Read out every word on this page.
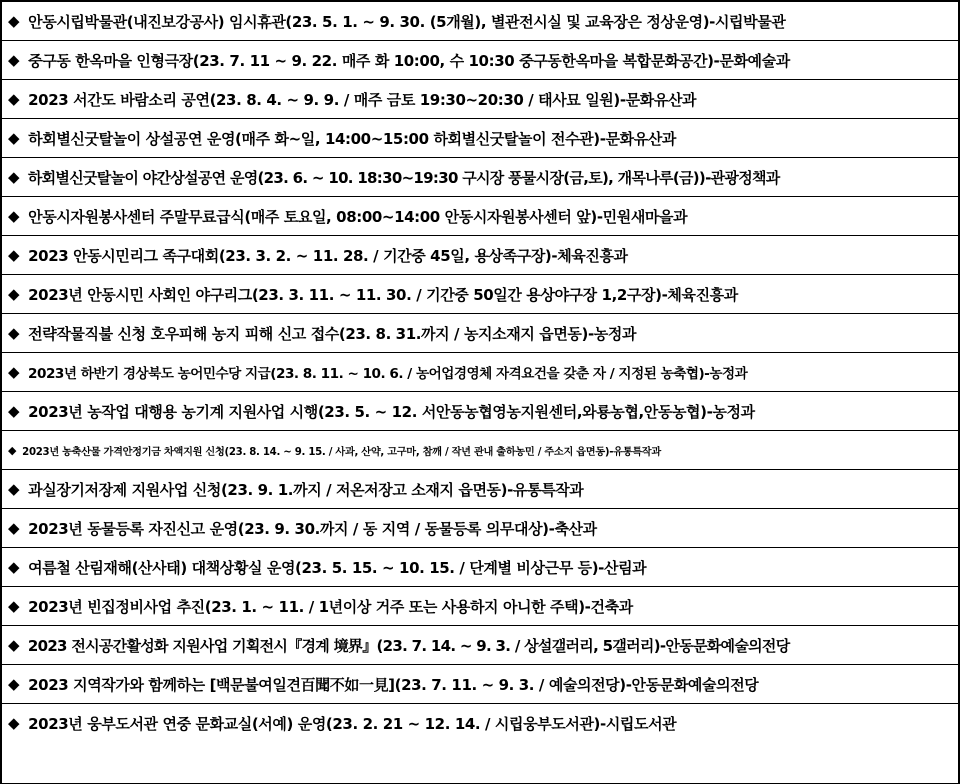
◆ 안동시립박물관(내진보강공사) 임시휴관(23. 5. 1. ~ 9. 30. (5개월), 별관전시실 및 교육장은 정상운영)-시립박물관
◆ 중구동 한옥마을 인형극장(23. 7. 11 ~ 9. 22. 매주 화 10:00, 수 10:30 중구동한옥마을 복합문화공간)-문화예술과
◆ 2023 서간도 바람소리 공연(23. 8. 4. ~ 9. 9. / 매주 금토 19:30~20:30 / 태사묘 일원)-문화유산과
◆ 하회별신굿탈놀이 상설공연 운영(매주 화~일, 14:00~15:00 하회별신굿탈놀이 전수관)-문화유산과
◆ 하회별신굿탈놀이 야간상설공연 운영(23. 6. ~ 10. 18:30~19:30 구시장 풍물시장(금,토), 개목나루(금))-관광정책과
◆ 안동시자원봉사센터 주말무료급식(매주 토요일, 08:00~14:00 안동시자원봉사센터 앞)-민원새마을과
◆ 2023 안동시민리그 족구대회(23. 3. 2. ~ 11. 28. / 기간중 45일, 용상족구장)-체육진흥과
◆ 2023년 안동시민 사회인 야구리그(23. 3. 11. ~ 11. 30. / 기간중 50일간 용상야구장 1,2구장)-체육진흥과
◆ 전략작물직불 신청 호우피해 농지 피해 신고 접수(23. 8. 31.까지 / 농지소재지 읍면동)-농정과
◆ 2023년 하반기 경상북도 농어민수당 지급(23. 8. 11. ~ 10. 6. / 농어업경영체 자격요건을 갖춘 자 / 지정된 농축협)-농정과
◆ 2023년 농작업 대행용 농기계 지원사업 시행(23. 5. ~ 12. 서안동농협영농지원센터,와룡농협,안동농협)-농정과
◆ 2023년 농축산물 가격안정기금 차액지원 신청(23. 8. 14. ~ 9. 15. / 사과, 산약, 고구마, 참깨 / 작년 관내 출하농민 / 주소지 읍면동)-유통특작과
◆ 과실장기저장제 지원사업 신청(23. 9. 1.까지 / 저온저장고 소재지 읍면동)-유통특작과
◆ 2023년 동물등록 자진신고 운영(23. 9. 30.까지 / 동 지역 / 동물등록 의무대상)-축산과
◆ 여름철 산림재해(산사태) 대책상황실 운영(23. 5. 15. ~ 10. 15. / 단계별 비상근무 등)-산림과
◆ 2023년 빈집정비사업 추진(23. 1. ~ 11. / 1년이상 거주 또는 사용하지 아니한 주택)-건축과
◆ 2023 전시공간활성화 지원사업 기획전시『경계 境界』(23. 7. 14. ~ 9. 3. / 상설갤러리, 5갤러리)-안동문화예술의전당
◆ 2023 지역작가와 함께하는 [백문불여일견百聞不如一見](23. 7. 11. ~ 9. 3. / 예술의전당)-안동문화예술의전당
◆ 2023년 웅부도서관 연중 문화교실(서예) 운영(23. 2. 21 ~ 12. 14. / 시립웅부도서관)-시립도서관
